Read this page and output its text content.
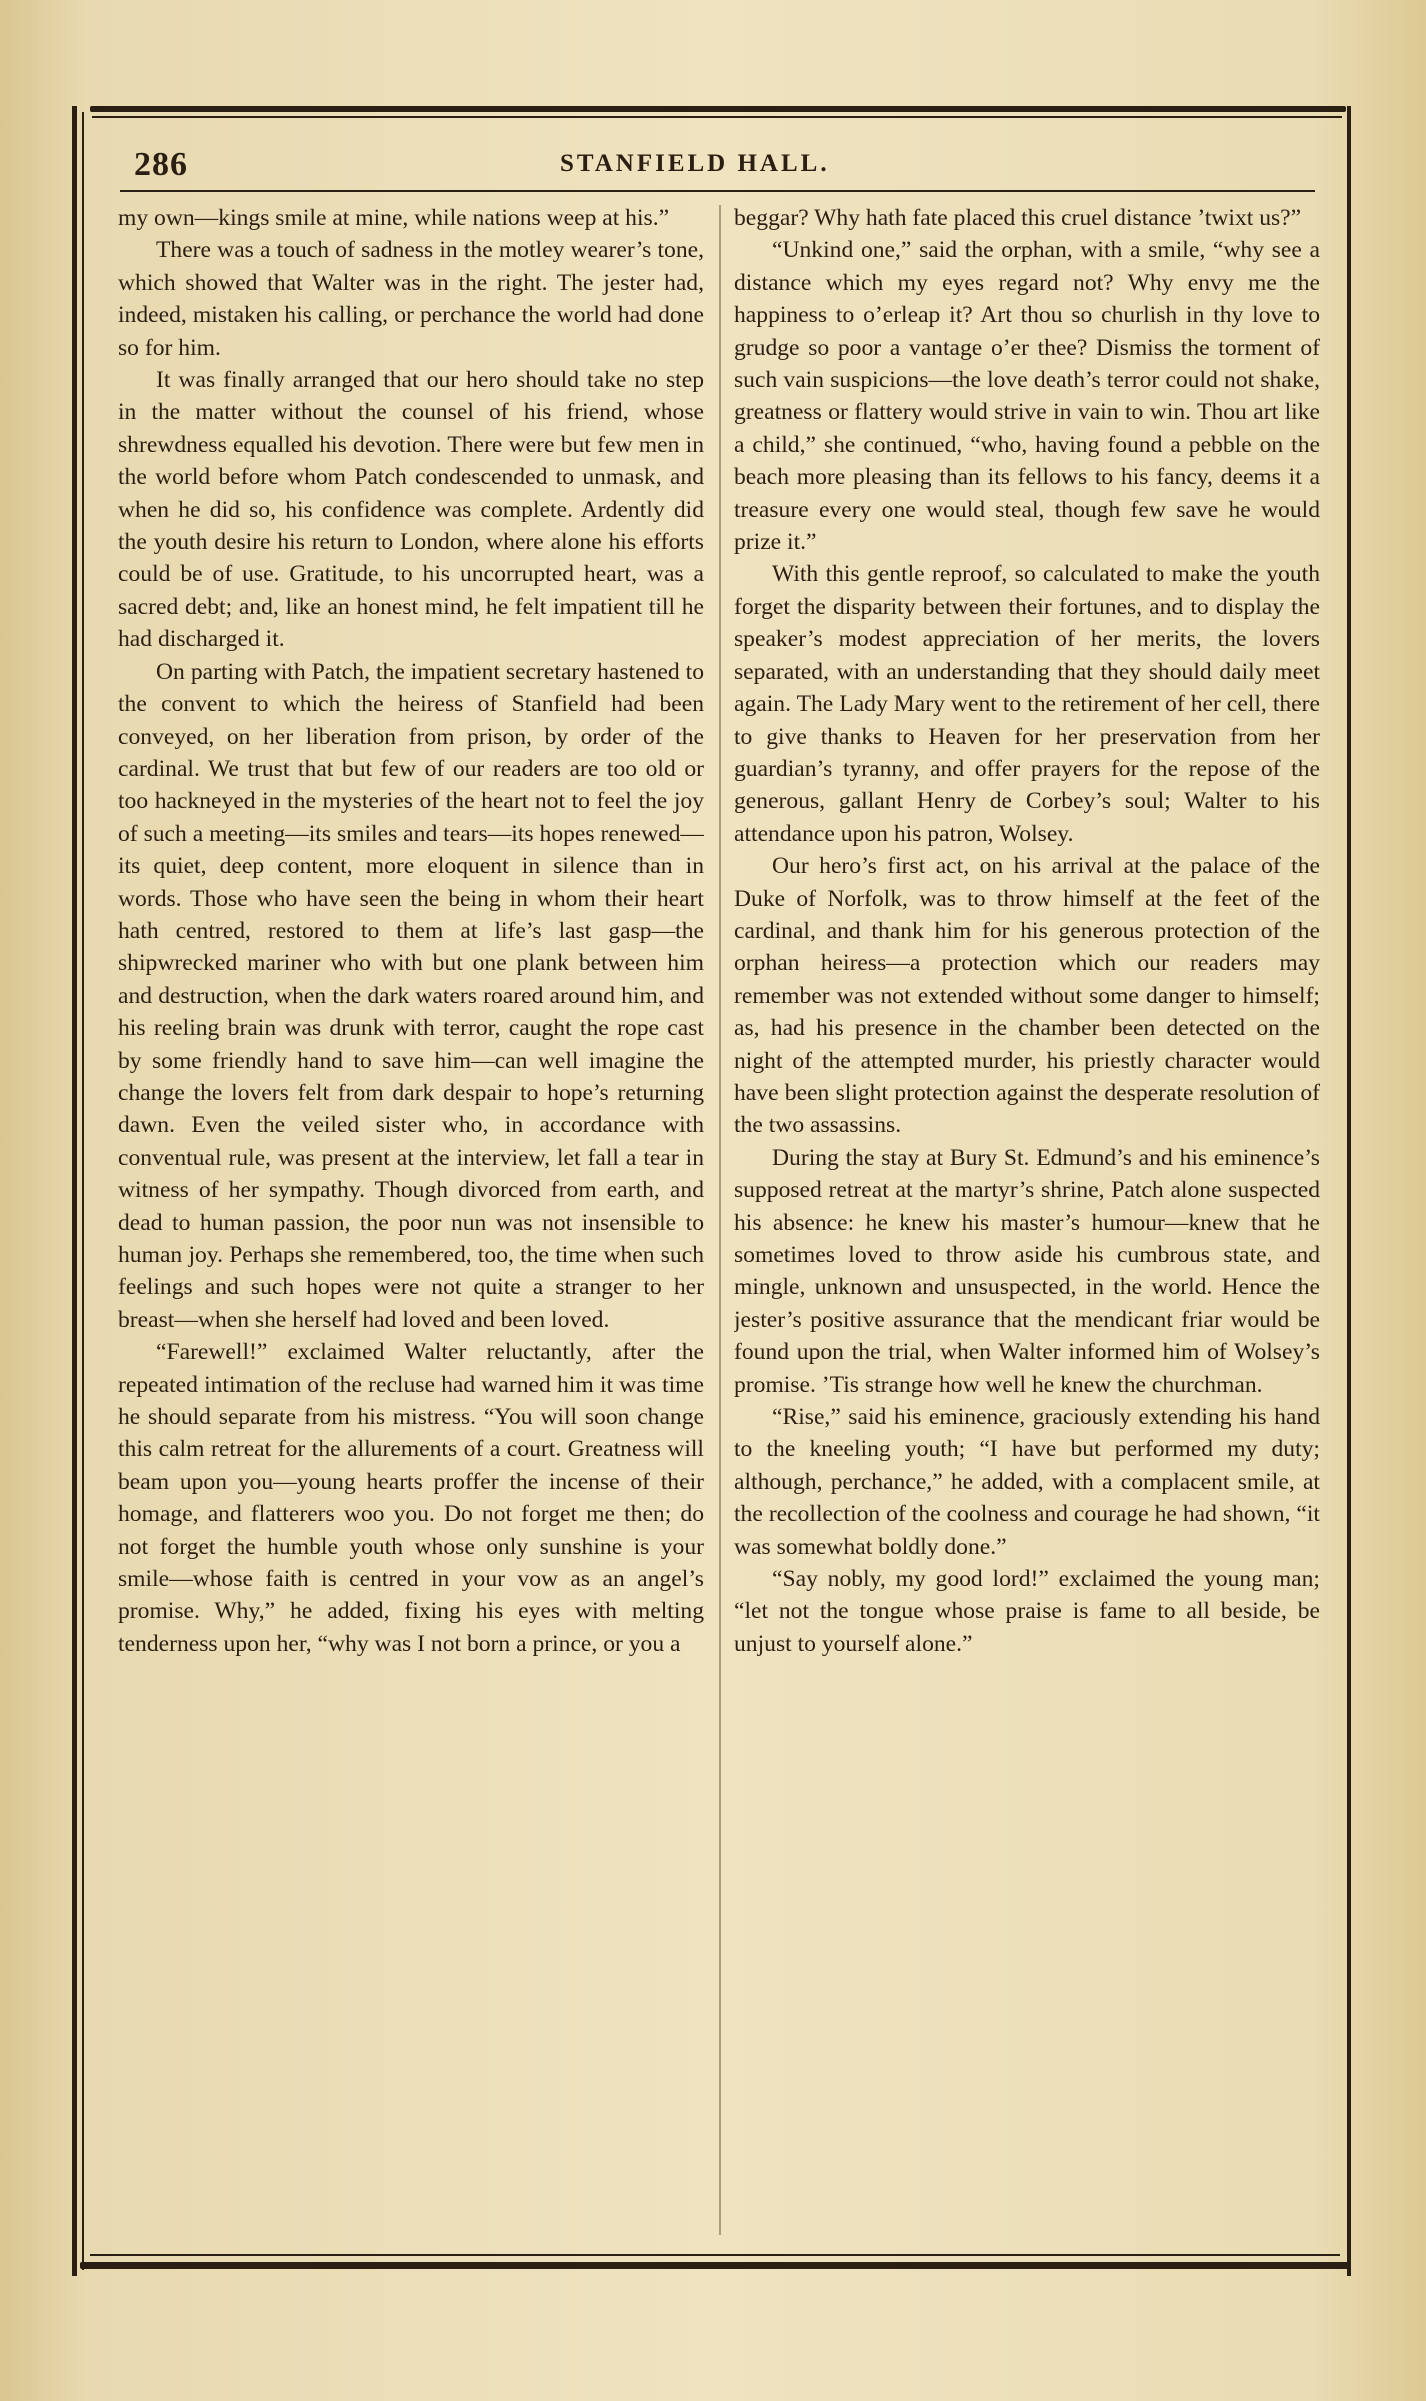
286	STANFIELD HALL.

my own—kings smile at mine, while nations weep at his.”

There was a touch of sadness in the motley wearer’s tone, which showed that Walter was in the right. The jester had, indeed, mistaken his calling, or perchance the world had done so for him.

It was finally arranged that our hero should take no step in the matter without the counsel of his friend, whose shrewdness equalled his devotion. There were but few men in the world before whom Patch condescended to unmask, and when he did so, his confidence was complete. Ardently did the youth desire his return to London, where alone his efforts could be of use. Gratitude, to his uncorrupted heart, was a sacred debt; and, like an honest mind, he felt impatient till he had discharged it.

On parting with Patch, the impatient secretary hastened to the convent to which the heiress of Stanfield had been conveyed, on her liberation from prison, by order of the cardinal. We trust that but few of our readers are too old or too hackneyed in the mysteries of the heart not to feel the joy of such a meeting—its smiles and tears—its hopes renewed—its quiet, deep content, more eloquent in silence than in words. Those who have seen the being in whom their heart hath centred, restored to them at life’s last gasp—the shipwrecked mariner who with but one plank between him and destruction, when the dark waters roared around him, and his reeling brain was drunk with terror, caught the rope cast by some friendly hand to save him—can well imagine the change the lovers felt from dark despair to hope’s returning dawn. Even the veiled sister who, in accordance with conventual rule, was present at the interview, let fall a tear in witness of her sympathy. Though divorced from earth, and dead to human passion, the poor nun was not insensible to human joy. Perhaps she remembered, too, the time when such feelings and such hopes were not quite a stranger to her breast—when she herself had loved and been loved.

“Farewell!” exclaimed Walter reluctantly, after the repeated intimation of the recluse had warned him it was time he should separate from his mistress. “You will soon change this calm retreat for the allurements of a court. Greatness will beam upon you—young hearts proffer the incense of their homage, and flatterers woo you. Do not forget me then; do not forget the humble youth whose only sunshine is your smile—whose faith is centred in your vow as an angel’s promise. Why,” he added, fixing his eyes with melting tenderness upon her, “why was I not born a prince, or you a

beggar? Why hath fate placed this cruel distance ’twixt us?”

“Unkind one,” said the orphan, with a smile, “why see a distance which my eyes regard not? Why envy me the happiness to o’erleap it? Art thou so churlish in thy love to grudge so poor a vantage o’er thee? Dismiss the torment of such vain suspicions—the love death’s terror could not shake, greatness or flattery would strive in vain to win. Thou art like a child,” she continued, “who, having found a pebble on the beach more pleasing than its fellows to his fancy, deems it a treasure every one would steal, though few save he would prize it.”

With this gentle reproof, so calculated to make the youth forget the disparity between their fortunes, and to display the speaker’s modest appreciation of her merits, the lovers separated, with an understanding that they should daily meet again. The Lady Mary went to the retirement of her cell, there to give thanks to Heaven for her preservation from her guardian’s tyranny, and offer prayers for the repose of the generous, gallant Henry de Corbey’s soul; Walter to his attendance upon his patron, Wolsey.

Our hero’s first act, on his arrival at the palace of the Duke of Norfolk, was to throw himself at the feet of the cardinal, and thank him for his generous protection of the orphan heiress—a protection which our readers may remember was not extended without some danger to himself; as, had his presence in the chamber been detected on the night of the attempted murder, his priestly character would have been slight protection against the desperate resolution of the two assassins.

During the stay at Bury St. Edmund’s and his eminence’s supposed retreat at the martyr’s shrine, Patch alone suspected his absence: he knew his master’s humour—knew that he sometimes loved to throw aside his cumbrous state, and mingle, unknown and unsuspected, in the world. Hence the jester’s positive assurance that the mendicant friar would be found upon the trial, when Walter informed him of Wolsey’s promise. ’Tis strange how well he knew the churchman.

“Rise,” said his eminence, graciously extending his hand to the kneeling youth; “I have but performed my duty; although, perchance,” he added, with a complacent smile, at the recollection of the coolness and courage he had shown, “it was somewhat boldly done.”

“Say nobly, my good lord!” exclaimed the young man; “let not the tongue whose praise is fame to all beside, be unjust to yourself alone.”
